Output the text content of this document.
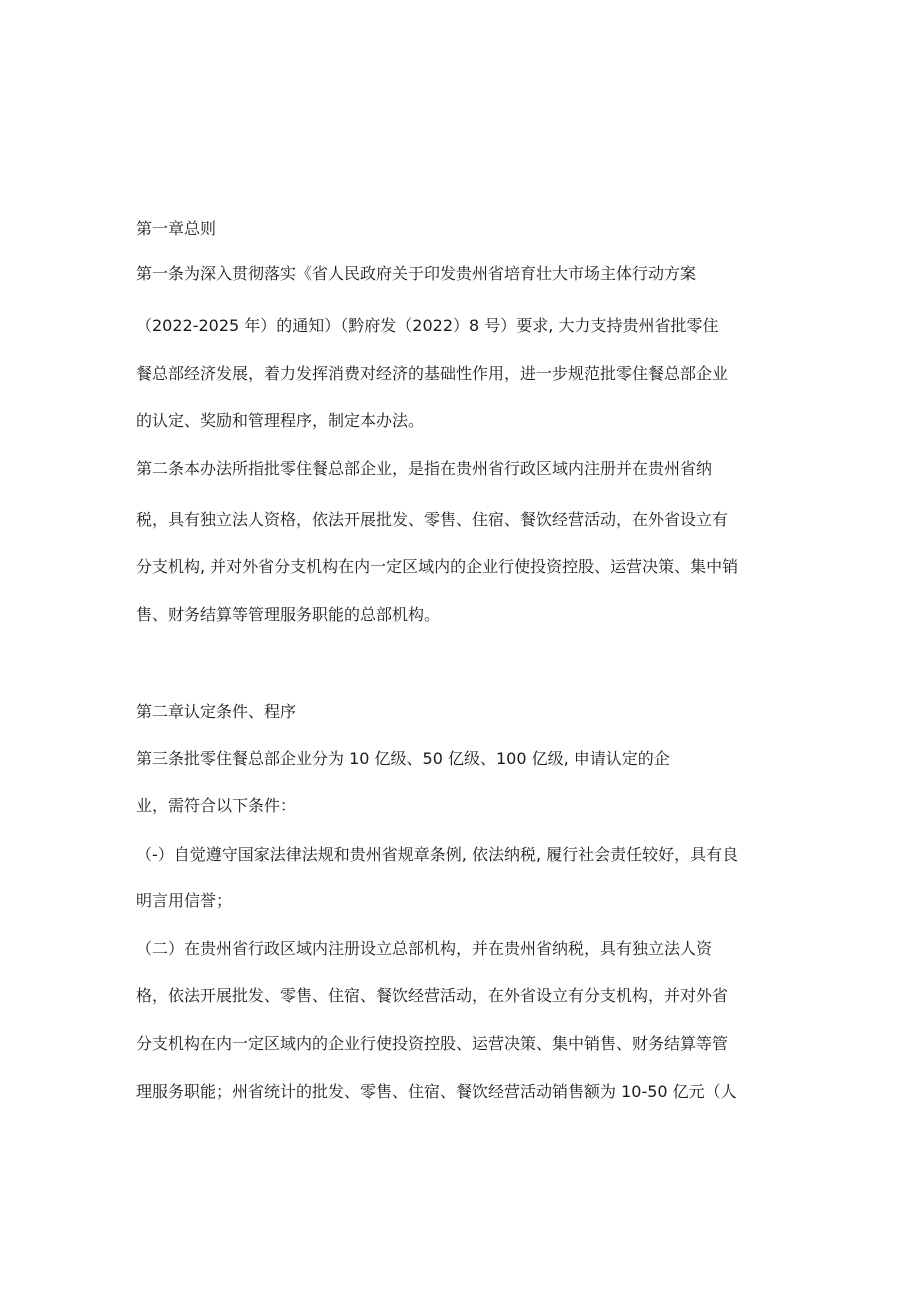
第一章总则
第一条为深入贯彻落实《省人民政府关于印发贵州省培育壮大市场主体行动方案
（2022-2025 年）的通知）（黔府发（2022）8 号）要求, 大力支持贵州省批零住
餐总部经济发展，着力发挥消费对经济的基础性作用，进一步规范批零住餐总部企业
的认定、奖励和管理程序，制定本办法。
第二条本办法所指批零住餐总部企业，是指在贵州省行政区域内注册并在贵州省纳
税，具有独立法人资格，依法开展批发、零售、住宿、餐饮经营活动，在外省设立有
分支机构, 并对外省分支机构在内一定区域内的企业行使投资控股、运营决策、集中销
售、财务结算等管理服务职能的总部机构。
第二章认定条件、程序
第三条批零住餐总部企业分为 10 亿级、50 亿级、100 亿级, 申请认定的企
业，需符合以下条件：
（-）自觉遵守国家法律法规和贵州省规章条例, 依法纳税, 履行社会责任较好，具有良
明言用信誉；
（二）在贵州省行政区域内注册设立总部机构，并在贵州省纳税，具有独立法人资
格，依法开展批发、零售、住宿、餐饮经营活动，在外省设立有分支机构，并对外省
分支机构在内一定区域内的企业行使投资控股、运营决策、集中销售、财务结算等管
理服务职能；州省统计的批发、零售、住宿、餐饮经营活动销售额为 10-50 亿元（人
